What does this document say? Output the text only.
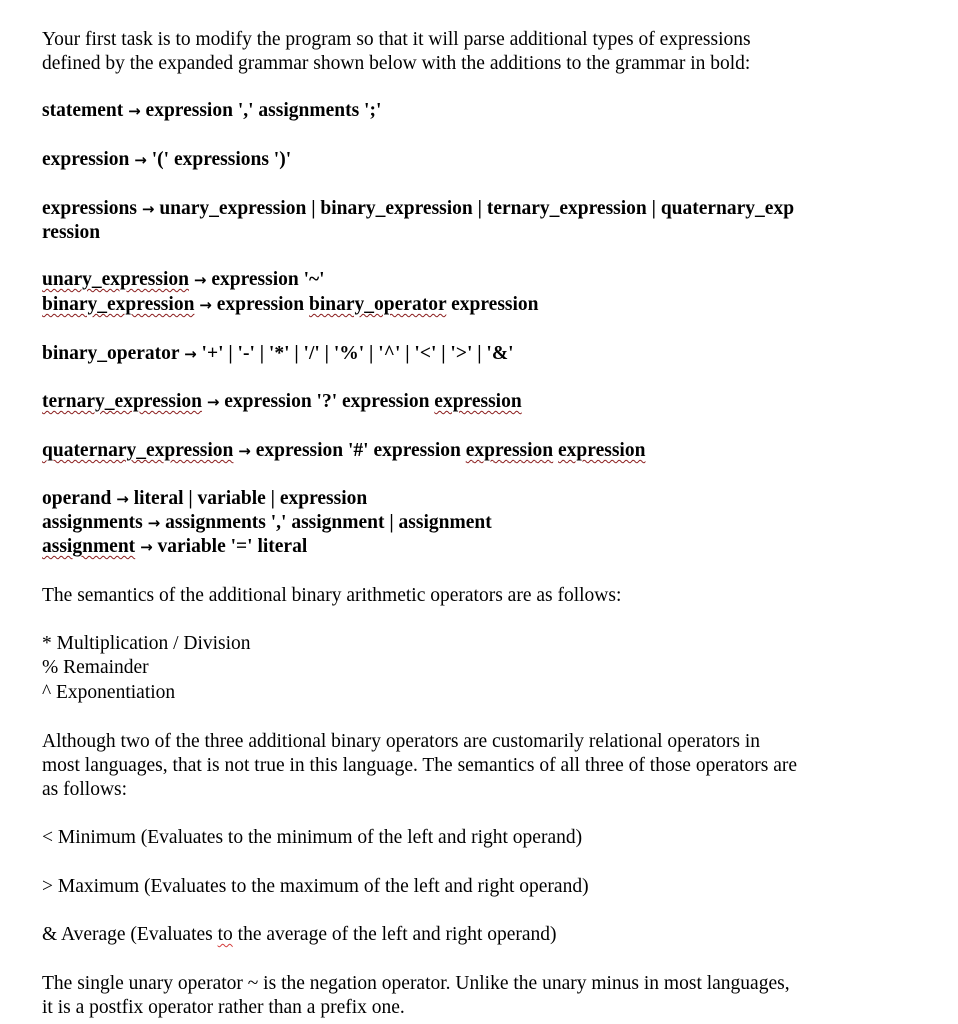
Your first task is to modify the program so that it will parse additional types of expressions
defined by the expanded grammar shown below with the additions to the grammar in bold:
statement → expression ',' assignments ';'
expression → '(' expressions ')'
expressions → unary_expression | binary_expression | ternary_expression | quaternary_exp
ression
unary_expression → expression '~'
binary_expression → expression binary_operator expression
binary_operator → '+' | '-' | '*' | '/' | '%' | '^' | '<' | '>' | '&'
ternary_expression → expression '?' expression expression
quaternary_expression → expression '#' expression expression expression
operand → literal | variable | expression
assignments → assignments ',' assignment | assignment
assignment → variable '=' literal
The semantics of the additional binary arithmetic operators are as follows:
* Multiplication / Division
% Remainder
^ Exponentiation
Although two of the three additional binary operators are customarily relational operators in
most languages, that is not true in this language. The semantics of all three of those operators are
as follows:
< Minimum (Evaluates to the minimum of the left and right operand)
> Maximum (Evaluates to the maximum of the left and right operand)
& Average (Evaluates to the average of the left and right operand)
The single unary operator ~ is the negation operator. Unlike the unary minus in most languages,
it is a postfix operator rather than a prefix one.
